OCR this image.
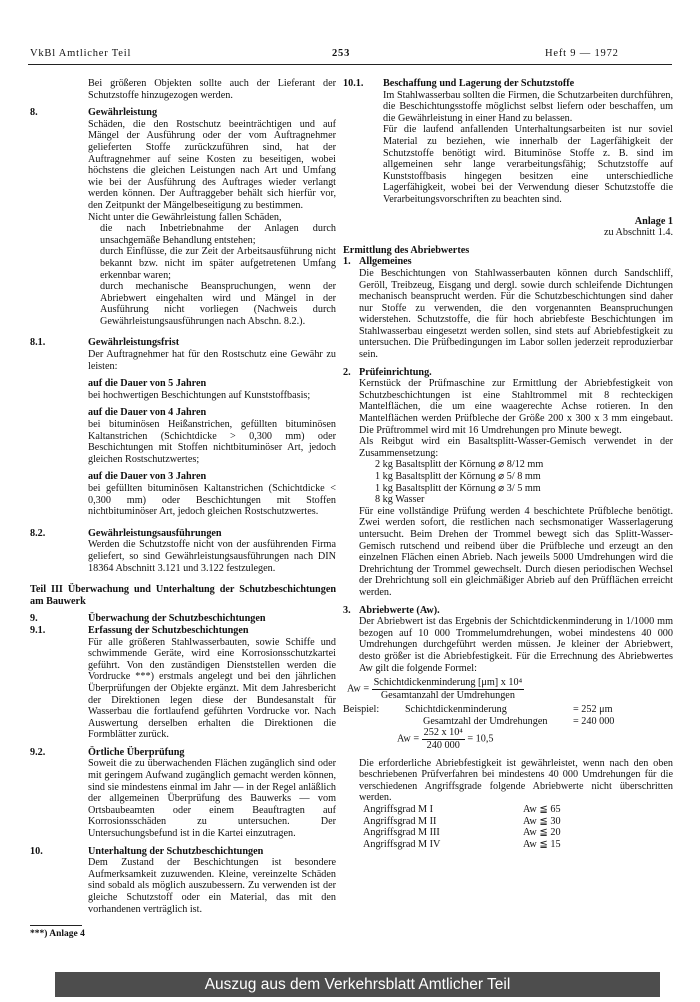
VkBl Amtlicher Teil	253	Heft 9 — 1972

Bei größeren Objekten sollte auch der Lieferant der Schutzstoffe hinzugezogen werden.

8.	Gewährleistung

Schäden, die den Rostschutz beeinträchtigen und auf Mängel der Ausführung oder der vom Auftragnehmer gelieferten Stoffe zurückzuführen sind, hat der Auftragnehmer auf seine Kosten zu beseitigen, wobei höchstens die gleichen Leistungen nach Art und Umfang wie bei der Ausführung des Auftrages wieder verlangt werden können. Der Auftraggeber behält sich hierfür vor, den Zeitpunkt der Mängelbeseitigung zu bestimmen.

Nicht unter die Gewährleistung fallen Schäden,

die nach Inbetriebnahme der Anlagen durch unsachgemäße Behandlung entstehen;

durch Einflüsse, die zur Zeit der Arbeitsausführung nicht bekannt bzw. nicht im später aufgetretenen Umfang erkennbar waren;

durch mechanische Beanspruchungen, wenn der Abriebwert eingehalten wird und Mängel in der Ausführung nicht vorliegen (Nachweis durch Gewährleistungsausführungen nach Abschn. 8.2.).

8.1.	Gewährleistungsfrist

Der Auftragnehmer hat für den Rostschutz eine Gewähr zu leisten:

auf die Dauer von 5 Jahren

bei hochwertigen Beschichtungen auf Kunststoffbasis;

auf die Dauer von 4 Jahren

bei bituminösen Heißanstrichen, gefüllten bituminösen Kaltanstrichen (Schichtdicke > 0,300 mm) oder Beschichtungen mit Stoffen nichtbituminöser Art, jedoch gleichen Rostschutzwertes;

auf die Dauer von 3 Jahren

bei gefüllten bituminösen Kaltanstrichen (Schichtdicke < 0,300 mm) oder Beschichtungen mit Stoffen nichtbituminöser Art, jedoch gleichen Rostschutzwertes.

8.2.	Gewährleistungsausführungen

Werden die Schutzstoffe nicht von der ausführenden Firma geliefert, so sind Gewährleistungsausführungen nach DIN 18364 Abschnitt 3.121 und 3.122 festzulegen.

Teil III Überwachung und Unterhaltung der Schutzbeschichtungen am Bauwerk

9.	Überwachung der Schutzbeschichtungen
9.1.	Erfassung der Schutzbeschichtungen

Für alle größeren Stahlwasserbauten, sowie Schiffe und schwimmende Geräte, wird eine Korrosionsschutzkartei geführt. Von den zuständigen Dienststellen werden die Vordrucke ***) erstmals angelegt und bei den jährlichen Überprüfungen der Objekte ergänzt. Mit dem Jahresbericht der Direktionen legen diese der Bundesanstalt für Wasserbau die fortlaufend geführten Vordrucke vor. Nach Auswertung derselben erhalten die Direktionen die Formblätter zurück.

9.2.	Örtliche Überprüfung

Soweit die zu überwachenden Flächen zugänglich sind oder mit geringem Aufwand zugänglich gemacht werden können, sind sie mindestens einmal im Jahr — in der Regel anläßlich der allgemeinen Überprüfung des Bauwerks — vom Ortsbaubeamten oder einem Beauftragten auf Korrosionsschäden zu untersuchen. Der Untersuchungsbefund ist in die Kartei einzutragen.

10.	Unterhaltung der Schutzbeschichtungen

Dem Zustand der Beschichtungen ist besondere Aufmerksamkeit zuzuwenden. Kleine, vereinzelte Schäden sind sobald als möglich auszubessern. Zu verwenden ist der gleiche Schutzstoff oder ein Material, das mit den vorhandenen verträglich ist.

***) Anlage 4

10.1.	Beschaffung und Lagerung der Schutzstoffe

Im Stahlwasserbau sollten die Firmen, die Schutzarbeiten durchführen, die Beschichtungsstoffe möglichst selbst liefern oder beschaffen, um die Gewährleistung in einer Hand zu belassen.

Für die laufend anfallenden Unterhaltungsarbeiten ist nur soviel Material zu beziehen, wie innerhalb der Lagerfähigkeit der Schutzstoffe benötigt wird. Bituminöse Stoffe z. B. sind im allgemeinen sehr lange verarbeitungsfähig; Schutzstoffe auf Kunststoffbasis hingegen besitzen eine unterschiedliche Lagerfähigkeit, wobei bei der Verwendung dieser Schutzstoffe die Verarbeitungsvorschriften zu beachten sind.

Anlage 1

zu Abschnitt 1.4.

Ermittlung des Abriebwertes

1. Allgemeines

Die Beschichtungen von Stahlwasserbauten können durch Sandschliff, Geröll, Treibzeug, Eisgang und dergl. sowie durch schleifende Dichtungen mechanisch beansprucht werden. Für die Schutzbeschichtungen sind daher nur Stoffe zu verwenden, die den vorgenannten Beanspruchungen widerstehen. Schutzstoffe, die für hoch abriebfeste Beschichtungen im Stahlwasserbau eingesetzt werden sollen, sind stets auf Abriebfestigkeit zu untersuchen. Die Prüfbedingungen im Labor sollen jederzeit reproduzierbar sein.

2. Prüfeinrichtung.

Kernstück der Prüfmaschine zur Ermittlung der Abriebfestigkeit von Schutzbeschichtungen ist eine Stahltrommel mit 8 rechteckigen Mantelflächen, die um eine waagerechte Achse rotieren. In den Mantelflächen werden Prüfbleche der Größe 200 x 300 x 3 mm eingebaut. Die Prüftrommel wird mit 16 Umdrehungen pro Minute bewegt.

Als Reibgut wird ein Basaltsplitt-Wasser-Gemisch verwendet in der Zusammensetzung:

2 kg Basaltsplitt der Körnung ⌀ 8/12 mm

1 kg Basaltsplitt der Körnung ⌀ 5/ 8 mm

1 kg Basaltsplitt der Körnung ⌀ 3/ 5 mm

8 kg Wasser

Für eine vollständige Prüfung werden 4 beschichtete Prüfbleche benötigt. Zwei werden sofort, die restlichen nach sechsmonatiger Wasserlagerung untersucht. Beim Drehen der Trommel bewegt sich das Splitt-Wasser-Gemisch rutschend und reibend über die Prüfbleche und erzeugt an den einzelnen Flächen einen Abrieb. Nach jeweils 5000 Umdrehungen wird die Drehrichtung der Trommel gewechselt. Durch diesen periodischen Wechsel der Drehrichtung soll ein gleichmäßiger Abrieb auf den Prüfflächen erreicht werden.

3. Abriebwerte (Aw).

Der Abriebwert ist das Ergebnis der Schichtdickenminderung in 1/1000 mm bezogen auf 10 000 Trommelumdrehungen, wobei mindestens 40 000 Umdrehungen durchgeführt werden müssen. Je kleiner der Abriebwert, desto größer ist die Abriebfestigkeit. Für die Errechnung des Abriebwertes Aw gilt die folgende Formel:

$Aw = \frac{\text{Schichtdickenminderung [μm] x 10⁴}}{\text{Gesamtanzahl der Umdrehungen}}$
Beispiel:	Schichtdickenminderung	= 252 μm
Gesamtzahl der Umdrehungen	= 240 000
$Aw = \frac{\text{252 x 10⁴}}{240 000} = 10,5$

Die erforderliche Abriebfestigkeit ist gewährleistet, wenn nach den oben beschriebenen Prüfverfahren bei mindestens 40 000 Umdrehungen für die verschiedenen Angriffsgrade folgende Abriebwerte nicht überschritten werden.

Angriffsgrad M I	Aw ≦ 65
Angriffsgrad M II	Aw ≦ 30
Angriffsgrad M III	Aw ≦ 20
Angriffsgrad M IV	Aw ≦ 15
Auszug aus dem Verkehrsblatt Amtlicher Teil
